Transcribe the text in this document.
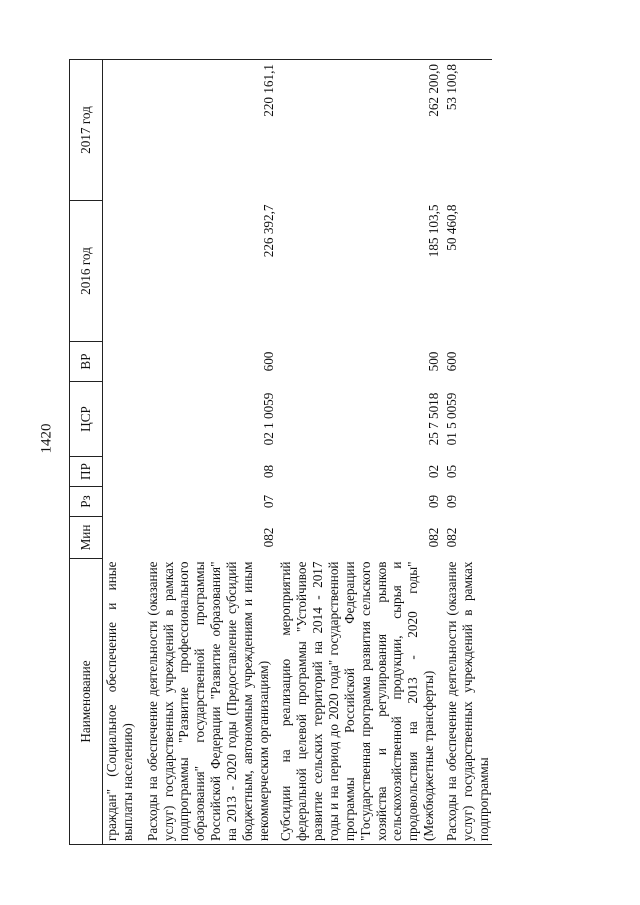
1420
Наименование	Мин	Рз	ПР	ЦСР	ВР	2016 год	2017 год
граждан" (Социальное обеспечение и иные выплаты населению)							
Расходы на обеспечение деятельности (оказание услуг) государственных учреждений в рамках подпрограммы "Развитие профессионального образования" государственной программы Российской Федерации "Развитие образования" на 2013 - 2020 годы (Предоставление субсидий бюджетным, автономным учреждениям и иным некоммерческим организациям)	082	07	08	02 1 0059	600	226 392,7	220 161,1
Субсидии на реализацию мероприятий федеральной целевой программы "Устойчивое развитие сельских территорий на 2014 - 2017 годы и на период до 2020 года" государственной программы Российской Федерации "Государственная программа развития сельского хозяйства и регулирования рынков сельскохозяйственной продукции, сырья и продовольствия на 2013 - 2020 годы" (Межбюджетные трансферты)	082	09	02	25 7 5018	500	185 103,5	262 200,0
Расходы на обеспечение деятельности (оказание услуг) государственных учреждений в рамках подпрограммы	082	09	05	01 5 0059	600	50 460,8	53 100,8
